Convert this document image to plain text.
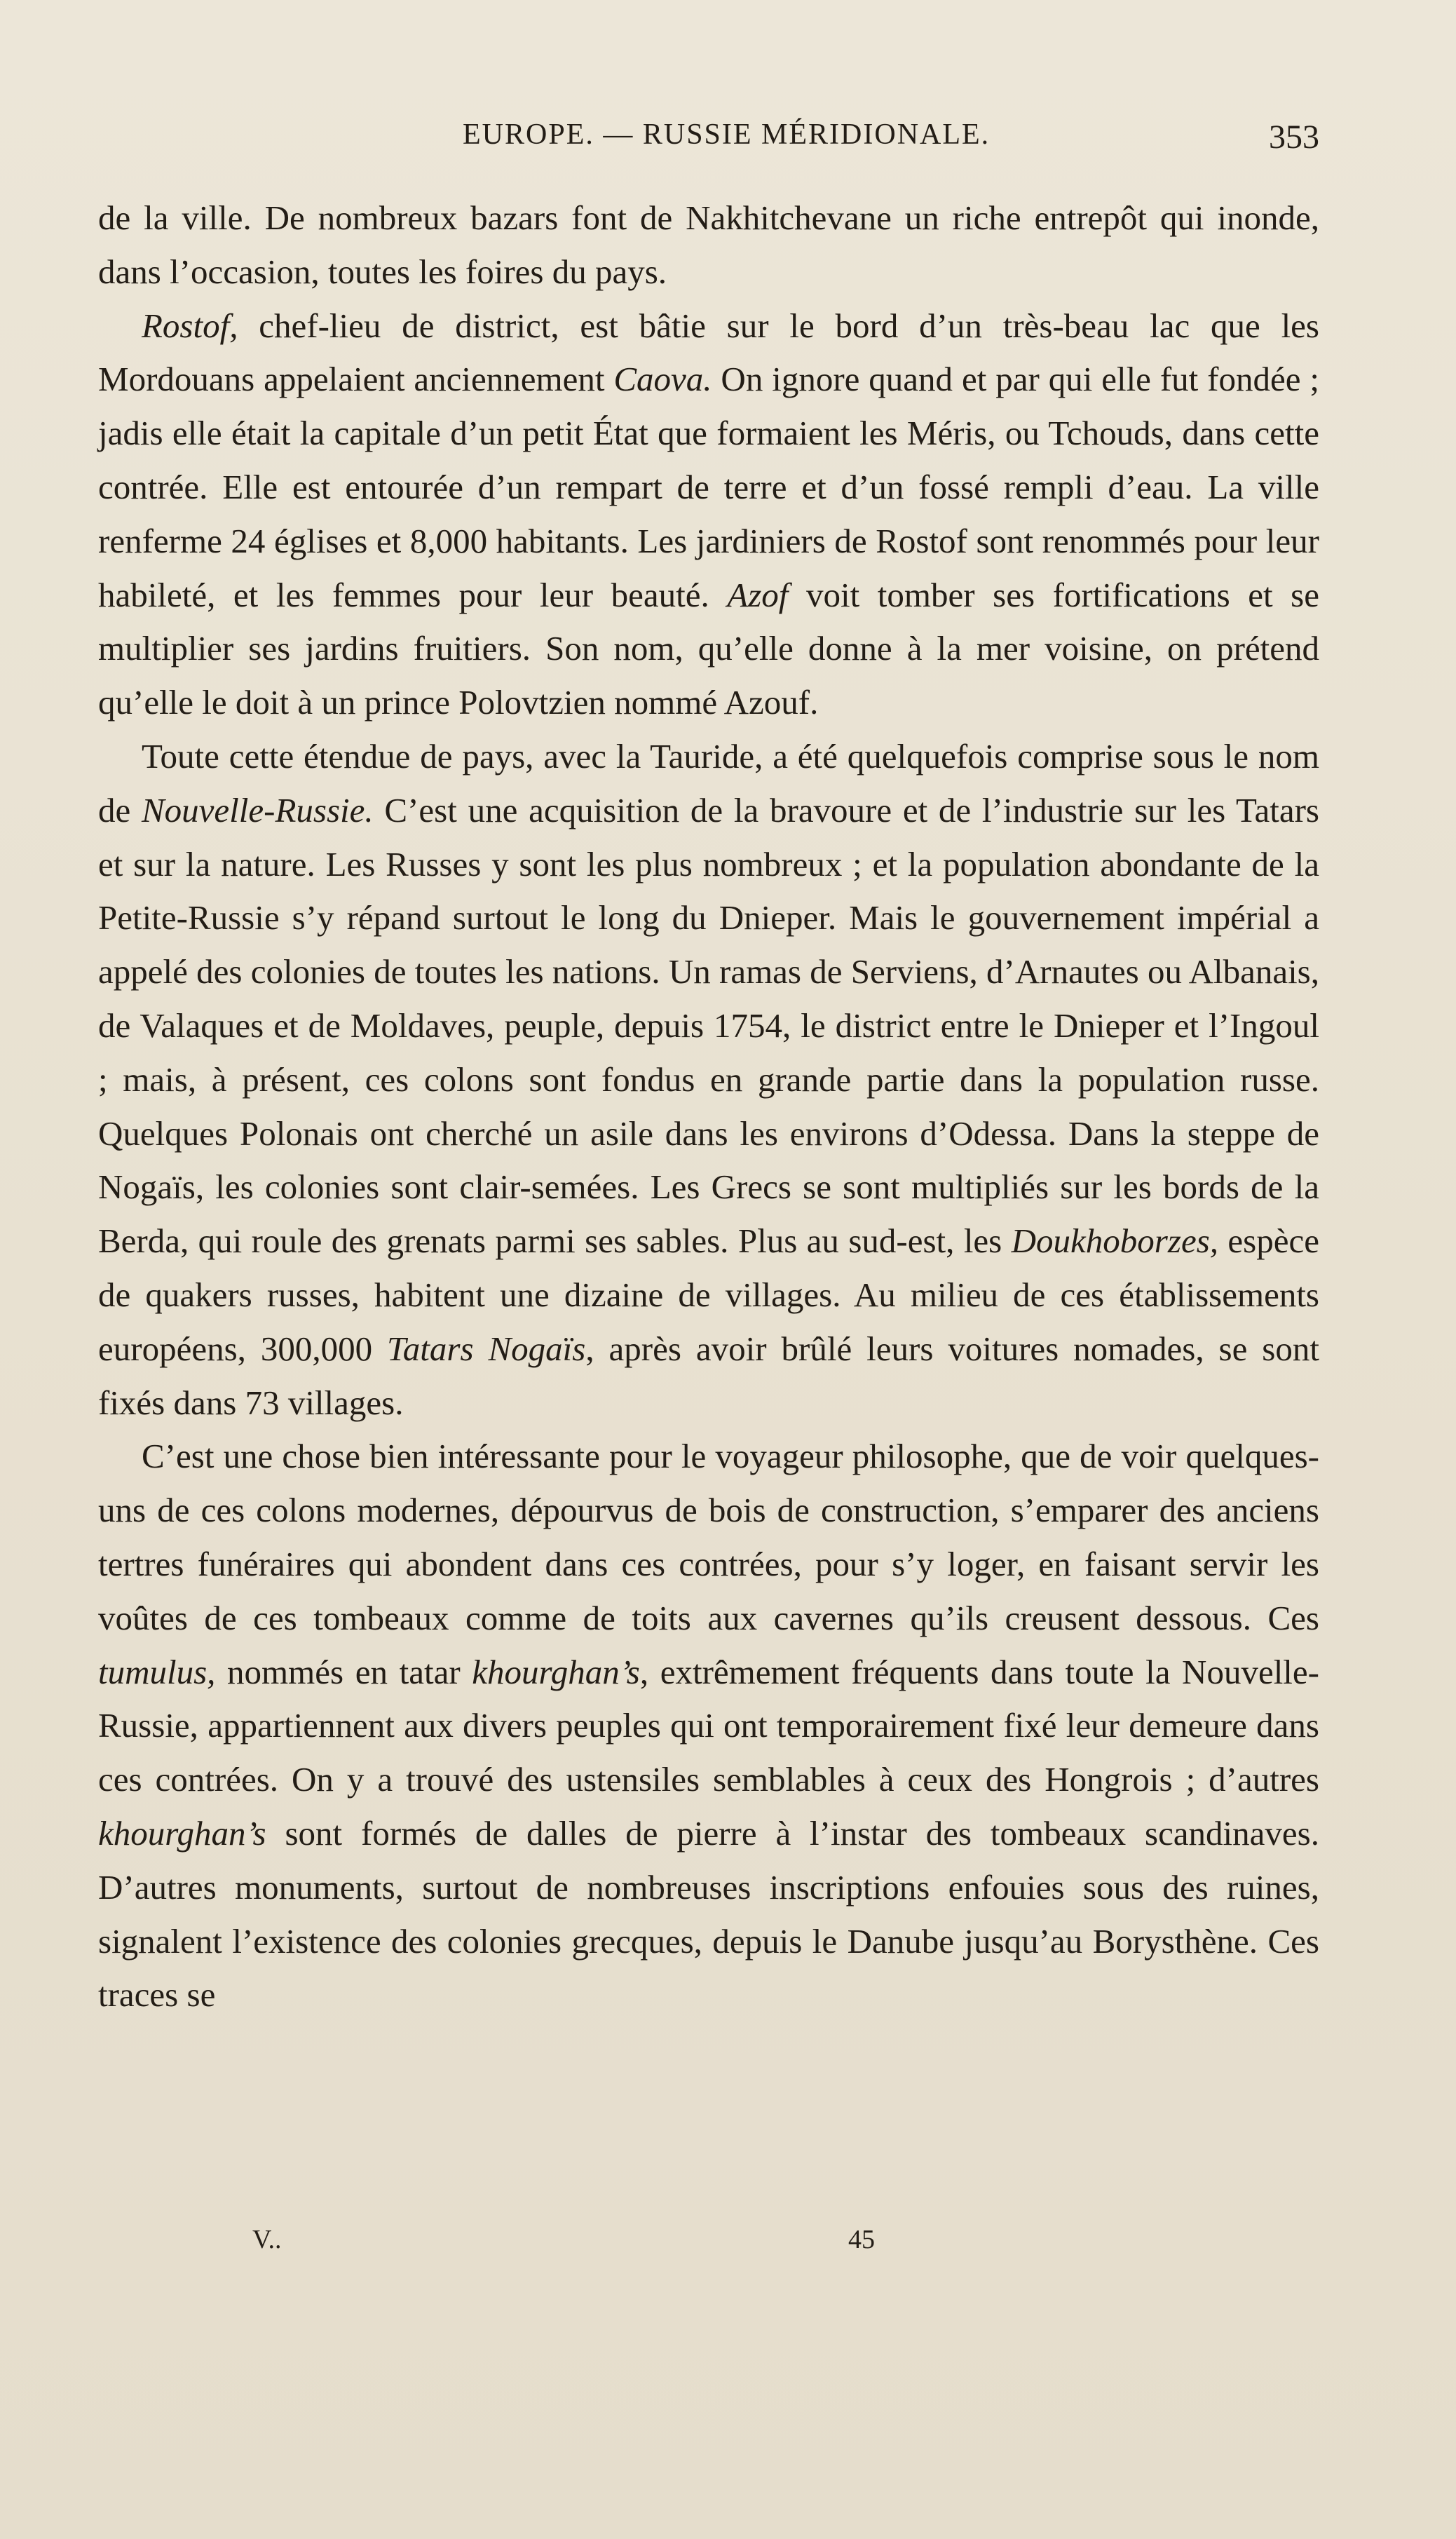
EUROPE. — RUSSIE MÉRIDIONALE.	353

de la ville. De nombreux bazars font de Nakhitchevane un riche entrepôt qui inonde, dans l’occasion, toutes les foires du pays.

Rostof, chef-lieu de district, est bâtie sur le bord d’un très-beau lac que les Mordouans appelaient anciennement Caova. On ignore quand et par qui elle fut fondée ; jadis elle était la capitale d’un petit État que formaient les Méris, ou Tchouds, dans cette contrée. Elle est entourée d’un rempart de terre et d’un fossé rempli d’eau. La ville renferme 24 églises et 8,000 habitants. Les jardiniers de Rostof sont renommés pour leur habileté, et les femmes pour leur beauté. Azof voit tomber ses fortifications et se multiplier ses jardins fruitiers. Son nom, qu’elle donne à la mer voisine, on prétend qu’elle le doit à un prince Polovtzien nommé Azouf.

Toute cette étendue de pays, avec la Tauride, a été quelquefois comprise sous le nom de Nouvelle-Russie. C’est une acquisition de la bravoure et de l’industrie sur les Tatars et sur la nature. Les Russes y sont les plus nombreux ; et la population abondante de la Petite-Russie s’y répand surtout le long du Dnieper. Mais le gouvernement impérial a appelé des colonies de toutes les nations. Un ramas de Serviens, d’Arnautes ou Albanais, de Valaques et de Moldaves, peuple, depuis 1754, le district entre le Dnieper et l’Ingoul ; mais, à présent, ces colons sont fondus en grande partie dans la population russe. Quelques Polonais ont cherché un asile dans les environs d’Odessa. Dans la steppe de Nogaïs, les colonies sont clair-semées. Les Grecs se sont multipliés sur les bords de la Berda, qui roule des grenats parmi ses sables. Plus au sud-est, les Doukhoborzes, espèce de quakers russes, habitent une dizaine de villages. Au milieu de ces établissements européens, 300,000 Tatars Nogaïs, après avoir brûlé leurs voitures nomades, se sont fixés dans 73 villages.

C’est une chose bien intéressante pour le voyageur philosophe, que de voir quelques-uns de ces colons modernes, dépourvus de bois de construction, s’emparer des anciens tertres funéraires qui abondent dans ces contrées, pour s’y loger, en faisant servir les voûtes de ces tombeaux comme de toits aux cavernes qu’ils creusent dessous. Ces tumulus, nommés en tatar khourghan’s, extrêmement fréquents dans toute la Nouvelle-Russie, appartiennent aux divers peuples qui ont temporairement fixé leur demeure dans ces contrées. On y a trouvé des ustensiles semblables à ceux des Hongrois ; d’autres khourghan’s sont formés de dalles de pierre à l’instar des tombeaux scandinaves. D’autres monuments, surtout de nombreuses inscriptions enfouies sous des ruines, signalent l’existence des colonies grecques, depuis le Danube jusqu’au Borysthène. Ces traces se

V..	45
